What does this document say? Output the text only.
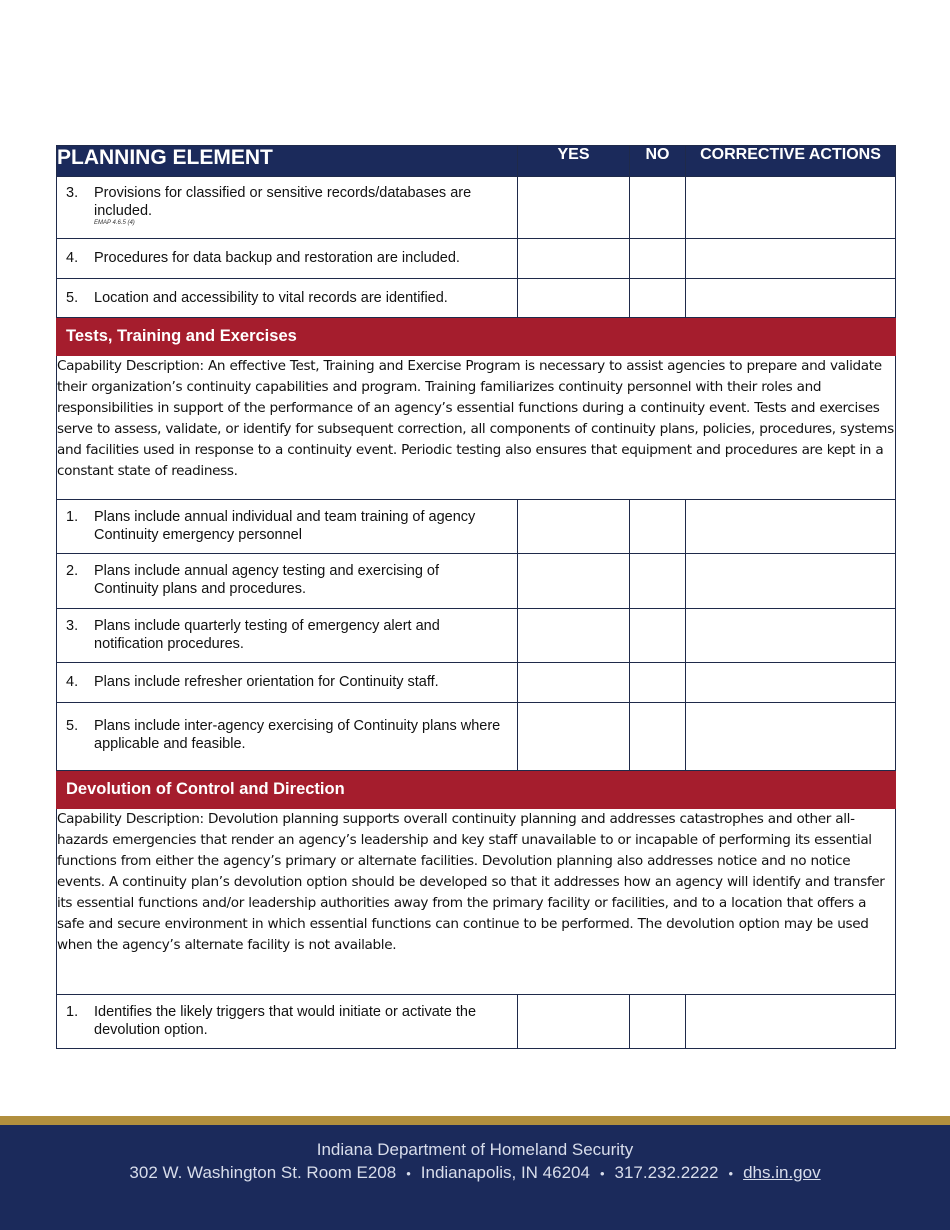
PLANNING ELEMENT	YES	NO	CORRECTIVE ACTIONS

3. Provisions for classified or sensitive records/databases are included.
EMAP 4.6.5 (4)			

4. Procedures for data backup and restoration are included.			

5. Location and accessibility to vital records are identified.			

Tests, Training and Exercises			
Capability Description: An effective Test, Training and Exercise Program is necessary to assist agencies to prepare and validate their organization’s continuity capabilities and program. Training familiarizes continuity personnel with their roles and responsibilities in support of the performance of an agency’s essential functions during a continuity event. Tests and exercises serve to assess, validate, or identify for subsequent correction, all components of continuity plans, policies, procedures, systems and facilities used in response to a continuity event. Periodic testing also ensures that equipment and procedures are kept in a constant state of readiness.			

1. Plans include annual individual and team training of agency Continuity emergency personnel			

2. Plans include annual agency testing and exercising of Continuity plans and procedures.			

3. Plans include quarterly testing of emergency alert and notification procedures.			

4. Plans include refresher orientation for Continuity staff.			

5. Plans include inter-agency exercising of Continuity plans where applicable and feasible.			

Devolution of Control and Direction			
Capability Description: Devolution planning supports overall continuity planning and addresses catastrophes and other all-hazards emergencies that render an agency’s leadership and key staff unavailable to or incapable of performing its essential functions from either the agency’s primary or alternate facilities. Devolution planning also addresses notice and no notice events. A continuity plan’s devolution option should be developed so that it addresses how an agency will identify and transfer its essential functions and/or leadership authorities away from the primary facility or facilities, and to a location that offers a safe and secure environment in which essential functions can continue to be performed. The devolution option may be used when the agency’s alternate facility is not available.			

1. Identifies the likely triggers that would initiate or activate the devolution option.			

Indiana Department of Homeland Security
302 W. Washington St. Room E208 • Indianapolis, IN 46204 • 317.232.2222 • dhs.in.gov
